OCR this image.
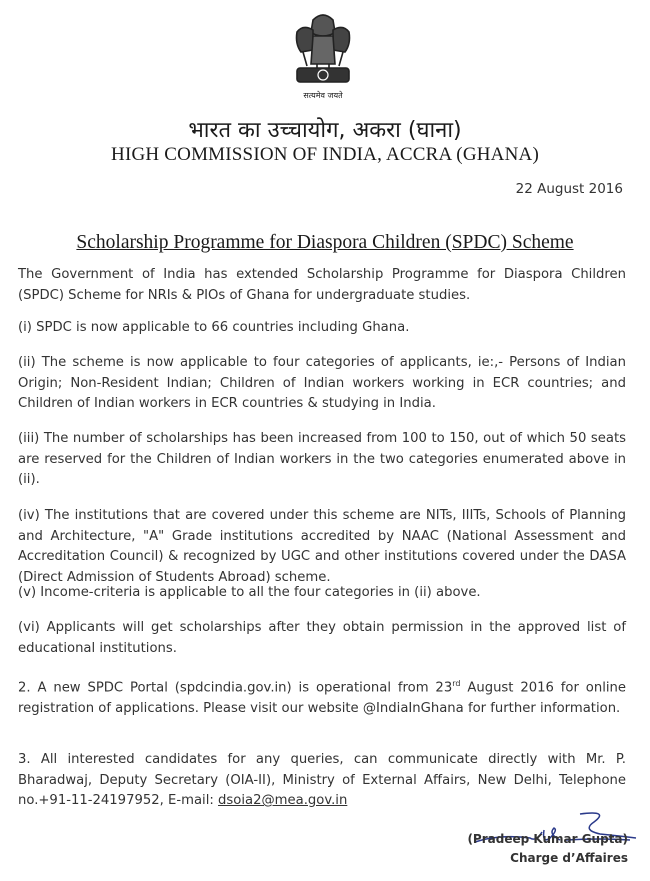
सत्यमेव जयते
भारत का उच्चायोग, अकरा (घाना)
HIGH COMMISSION OF INDIA, ACCRA (GHANA)
22 August 2016
Scholarship Programme for Diaspora Children (SPDC) Scheme

The Government of India has extended Scholarship Programme for Diaspora Children (SPDC) Scheme for NRIs & PIOs of Ghana for undergraduate studies.

(i) SPDC is now applicable to 66 countries including Ghana.

(ii) The scheme is now applicable to four categories of applicants, ie:,- Persons of Indian Origin; Non-Resident Indian; Children of Indian workers working in ECR countries; and Children of Indian workers in ECR countries & studying in India.

(iii) The number of scholarships has been increased from 100 to 150, out of which 50 seats are reserved for the Children of Indian workers in the two categories enumerated above in (ii).

(iv) The institutions that are covered under this scheme are NITs, IIITs, Schools of Planning and Architecture, "A" Grade institutions accredited by NAAC (National Assessment and Accreditation Council) & recognized by UGC and other institutions covered under the DASA (Direct Admission of Students Abroad) scheme.

(v) Income-criteria is applicable to all the four categories in (ii) above.

(vi) Applicants will get scholarships after they obtain permission in the approved list of educational institutions.

2. A new SPDC Portal (spdcindia.gov.in) is operational from 23rd August 2016 for online registration of applications. Please visit our website @IndiaInGhana for further information.

3. All interested candidates for any queries, can communicate directly with Mr. P. Bharadwaj, Deputy Secretary (OIA-II), Ministry of External Affairs, New Delhi, Telephone no.+91-11-24197952, E-mail: dsoia2@mea.gov.in

(Pradeep Kumar Gupta)
Charge d’Affaires
